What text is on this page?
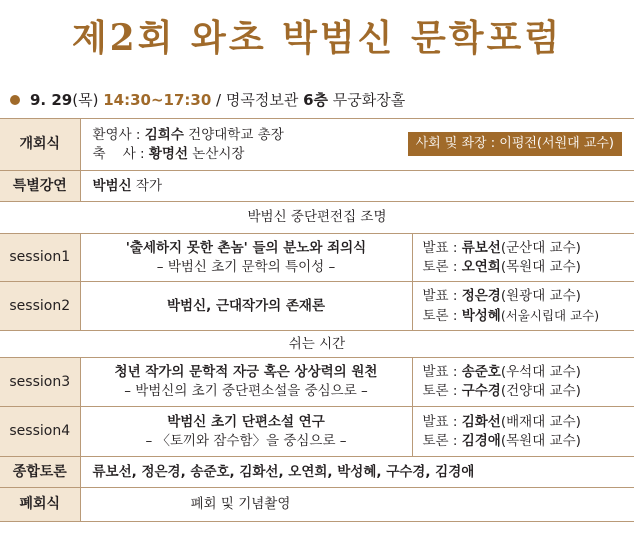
제2회 와초 박범신 문학포럼
9. 29(목) 14:30~17:30 / 명곡정보관 6층 무궁화장홀
개회식	환영사 : 김희수 건양대학교 총장
축    사 : 황명선 논산시장
사회 및 좌장 : 이평전(서원대 교수)	

특별강연	박범신 작가	
박범신 중단편전집 조명		
session1	'출세하지 못한 촌놈' 들의 분노와 죄의식
– 박범신 초기 문학의 특이성 –	발표 : 류보선(군산대 교수)
토론 : 오연희(목원대 교수)

session2	박범신, 근대작가의 존재론	발표 : 정은경(원광대 교수)
토론 : 박성혜(서울시립대 교수)

쉬는 시간		
session3	청년 작가의 문학적 자긍 혹은 상상력의 원천
– 박범신의 초기 중단편소설을 중심으로 –	발표 : 송준호(우석대 교수)
토론 : 구수경(건양대 교수)

session4	박범신 초기 단편소설 연구
– 〈토끼와 잠수함〉을 중심으로 –	발표 : 김화선(배재대 교수)
토론 : 김경애(목원대 교수)

종합토론	류보선, 정은경, 송준호, 김화선, 오연희, 박성혜, 구수경, 김경애	
폐회식	폐회 및 기념촬영	
